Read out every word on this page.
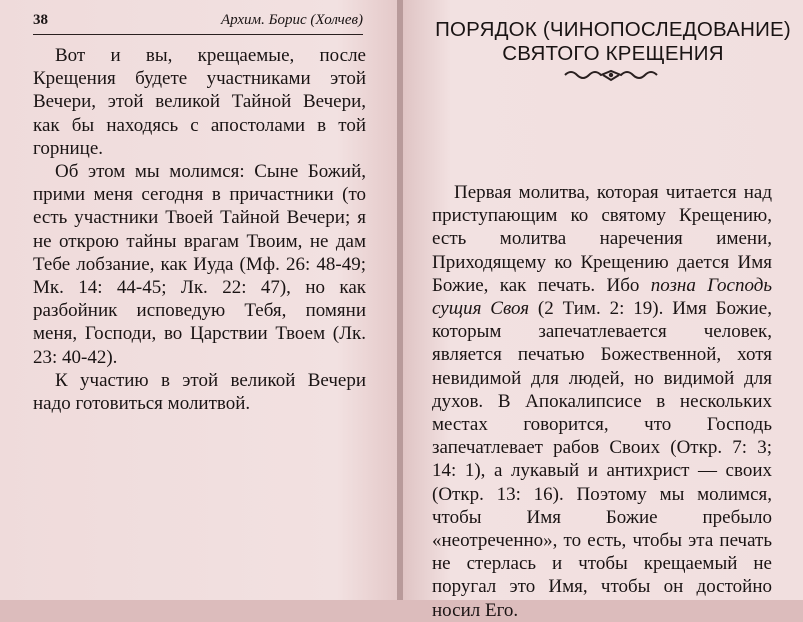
38	Архим. Борис (Холчев)

Вот и вы, крещаемые, после Крещения будете участниками этой Вечери, этой великой Тайной Вечери, как бы находясь с апостолами в той горнице.

Об этом мы молимся: Сыне Божий, прими меня сегодня в причастники (то есть участники Твоей Тайной Вечери; я не открою тайны врагам Твоим, не дам Тебе лобзание, как Иуда (Мф. 26: 48-49; Мк. 14: 44-45; Лк. 22: 47), но как разбойник исповедую Тебя, помяни меня, Господи, во Царствии Твоем (Лк. 23: 40-42).

К участию в этой великой Вечери надо готовиться молитвой.

ПОРЯДОК (ЧИНОПОСЛЕДОВАНИЕ)
СВЯТОГО КРЕЩЕНИЯ

Первая молитва, которая читается над приступающим ко святому Крещению, есть молитва наречения имени, Приходящему ко Крещению дается Имя Божие, как печать. Ибо позна Господь сущия Своя (2 Тим. 2: 19). Имя Божие, которым запечатлевается человек, является печатью Божественной, хотя невидимой для людей, но видимой для духов. В Апокалипсисе в нескольких местах говорится, что Господь запечатлевает рабов Своих (Откр. 7: 3; 14: 1), а лукавый и антихрист — своих (Откр. 13: 16). Поэтому мы молимся, чтобы Имя Божие пребыло «неотреченно», то есть, чтобы эта печать не стерлась и чтобы крещаемый не поругал это Имя, чтобы он достойно носил Его.
